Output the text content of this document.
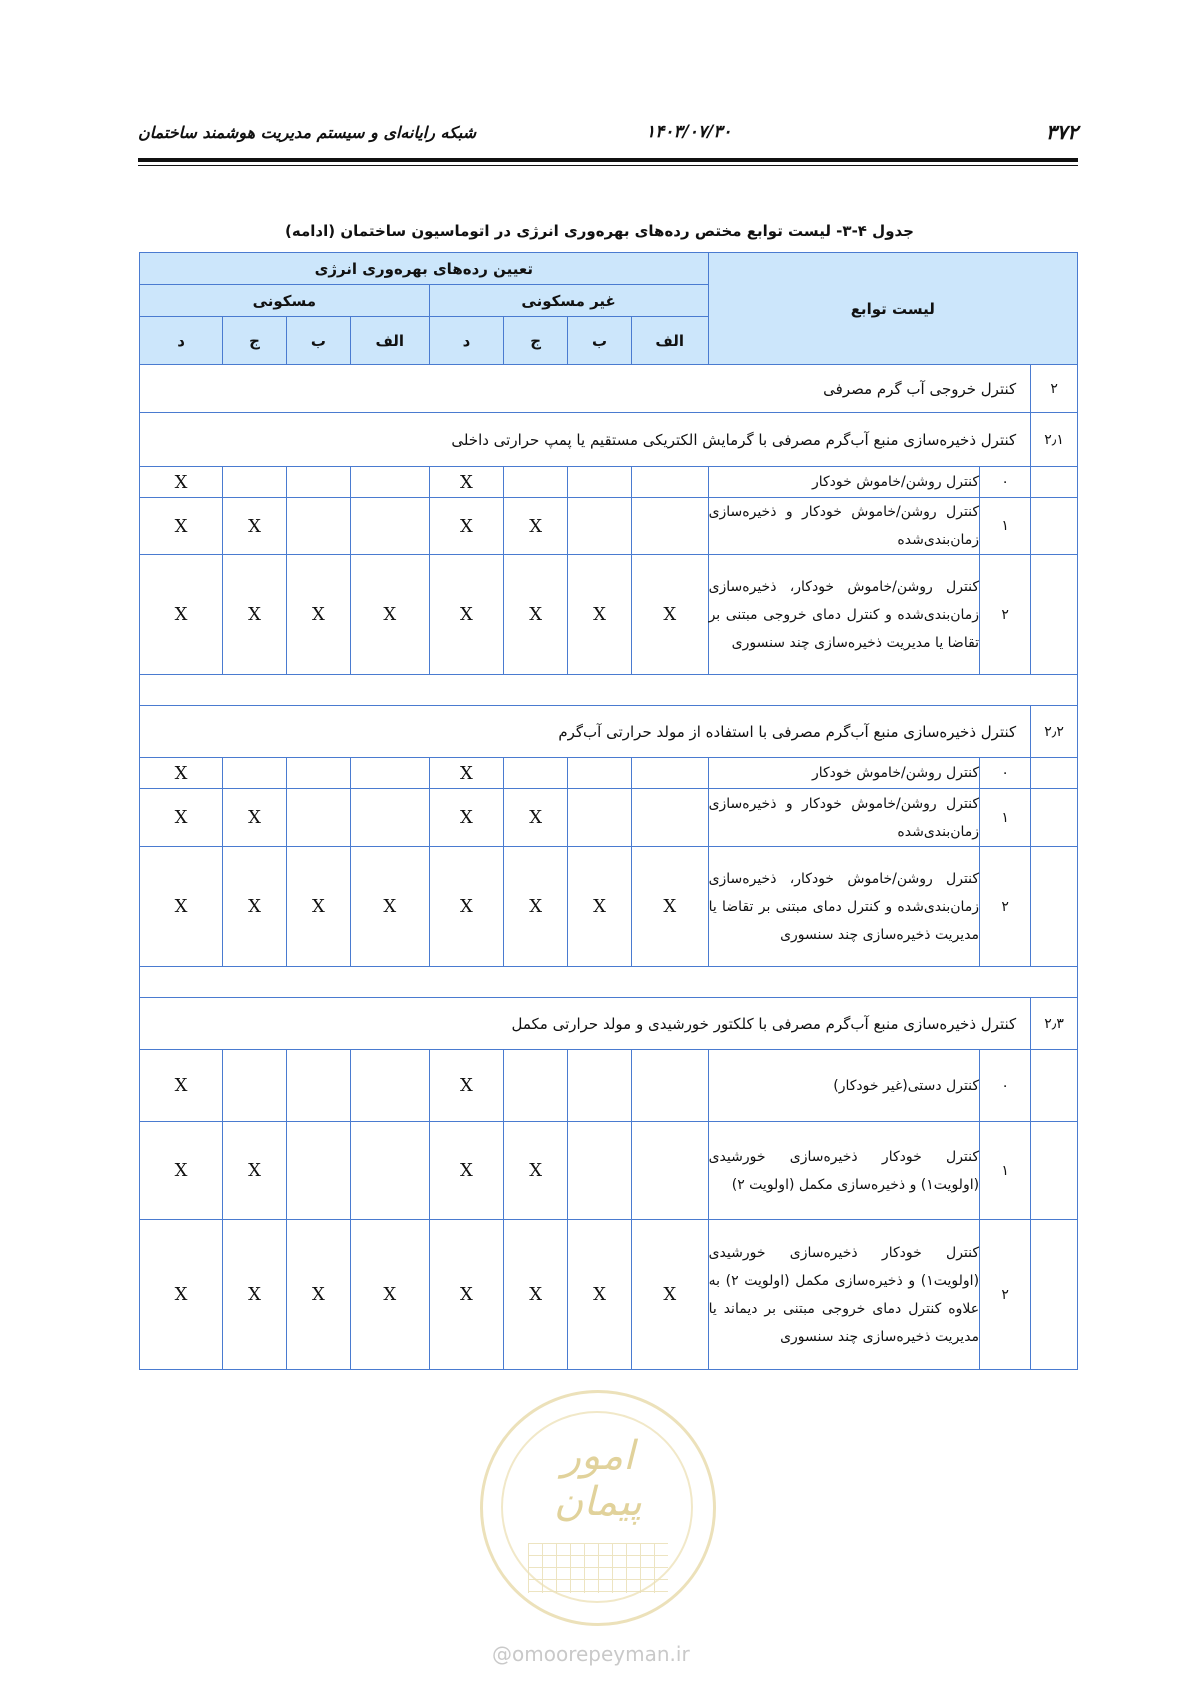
۳۷۲
۱۴۰۳/۰۷/۳۰
شبکه رایانه‌ای و سیستم مدیریت هوشمند ساختمان
جدول ۴-۳- لیست توابع مختص رده‌های بهره‌وری انرژی در اتوماسیون ساختمان (ادامه)
لیست توابع			تعیین رده‌های بهره‌وری انرژی							
			غیر مسکونی				مسکونی			
			الف	ب	ج	د	الف	ب	ج	د
۲	کنترل خروجی آب گرم مصرفی									
۲٫۱	کنترل ذخیره‌سازی منبع آب‌گرم مصرفی با گرمایش الکتریکی مستقیم یا پمپ حرارتی داخلی									
	۰	کنترل روشن/خاموش خودکار				X				X
	۱	کنترل روشن/خاموش خودکار و ذخیره‌سازی زمان‌بندی‌شده			X	X			X	X
	۲	کنترل روشن/خاموش خودکار، ذخیره‌سازی زمان‌بندی‌شده و کنترل دمای خروجی مبتنی بر تقاضا یا مدیریت ذخیره‌سازی چند سنسوری	X	X	X	X	X	X	X	X

۲٫۲	کنترل ذخیره‌سازی منبع آب‌گرم مصرفی با استفاده از مولد حرارتی آب‌گرم									
	۰	کنترل روشن/خاموش خودکار				X				X
	۱	کنترل روشن/خاموش خودکار و ذخیره‌سازی زمان‌بندی‌شده			X	X			X	X
	۲	کنترل روشن/خاموش خودکار، ذخیره‌سازی زمان‌بندی‌شده و کنترل دمای مبتنی بر تقاضا یا مدیریت ذخیره‌سازی چند سنسوری	X	X	X	X	X	X	X	X

۲٫۳	کنترل ذخیره‌سازی منبع آب‌گرم مصرفی با کلکتور خورشیدی و مولد حرارتی مکمل									
	۰	کنترل دستی(غیر خودکار)				X				X
	۱	کنترل خودکار ذخیره‌سازی خورشیدی (اولویت۱) و ذخیره‌سازی مکمل (اولویت ۲)			X	X			X	X
	۲	کنترل خودکار ذخیره‌سازی خورشیدی (اولویت۱) و ذخیره‌سازی مکمل (اولویت ۲) به علاوه کنترل دمای خروجی مبتنی بر دیماند یا مدیریت ذخیره‌سازی چند سنسوری	X	X	X	X	X	X	X	X
امور پیمان
@omoorepeyman.ir
